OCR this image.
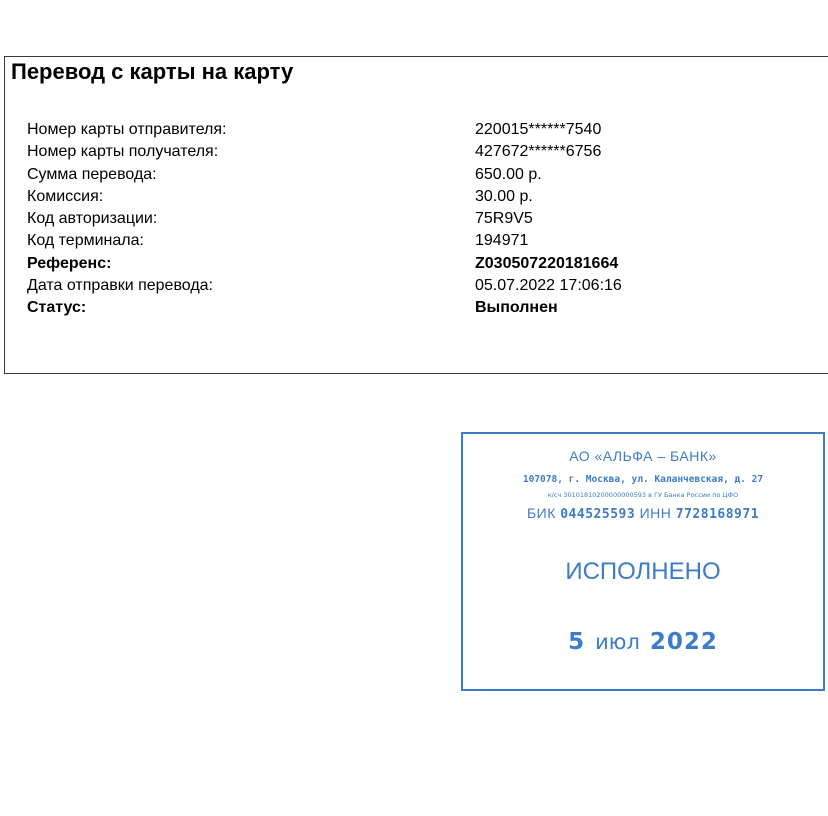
Перевод с карты на карту
Номер карты отправителя:	220015******7540
Номер карты получателя:	427672******6756
Сумма перевода:	650.00 р.
Комиссия:	30.00 р.
Код авторизации:	75R9V5
Код терминала:	194971
Референс:	Z030507220181664
Дата отправки перевода:	05.07.2022 17:06:16
Статус:	Выполнен
АО «АЛЬФА – БАНК»
107078, г. Москва, ул. Каланчевская, д. 27
к/сч 30101810200000000593 в ГУ Банка России по ЦФО
БИК 044525593 ИНН 7728168971
ИСПОЛНЕНО
5 июл 2022
